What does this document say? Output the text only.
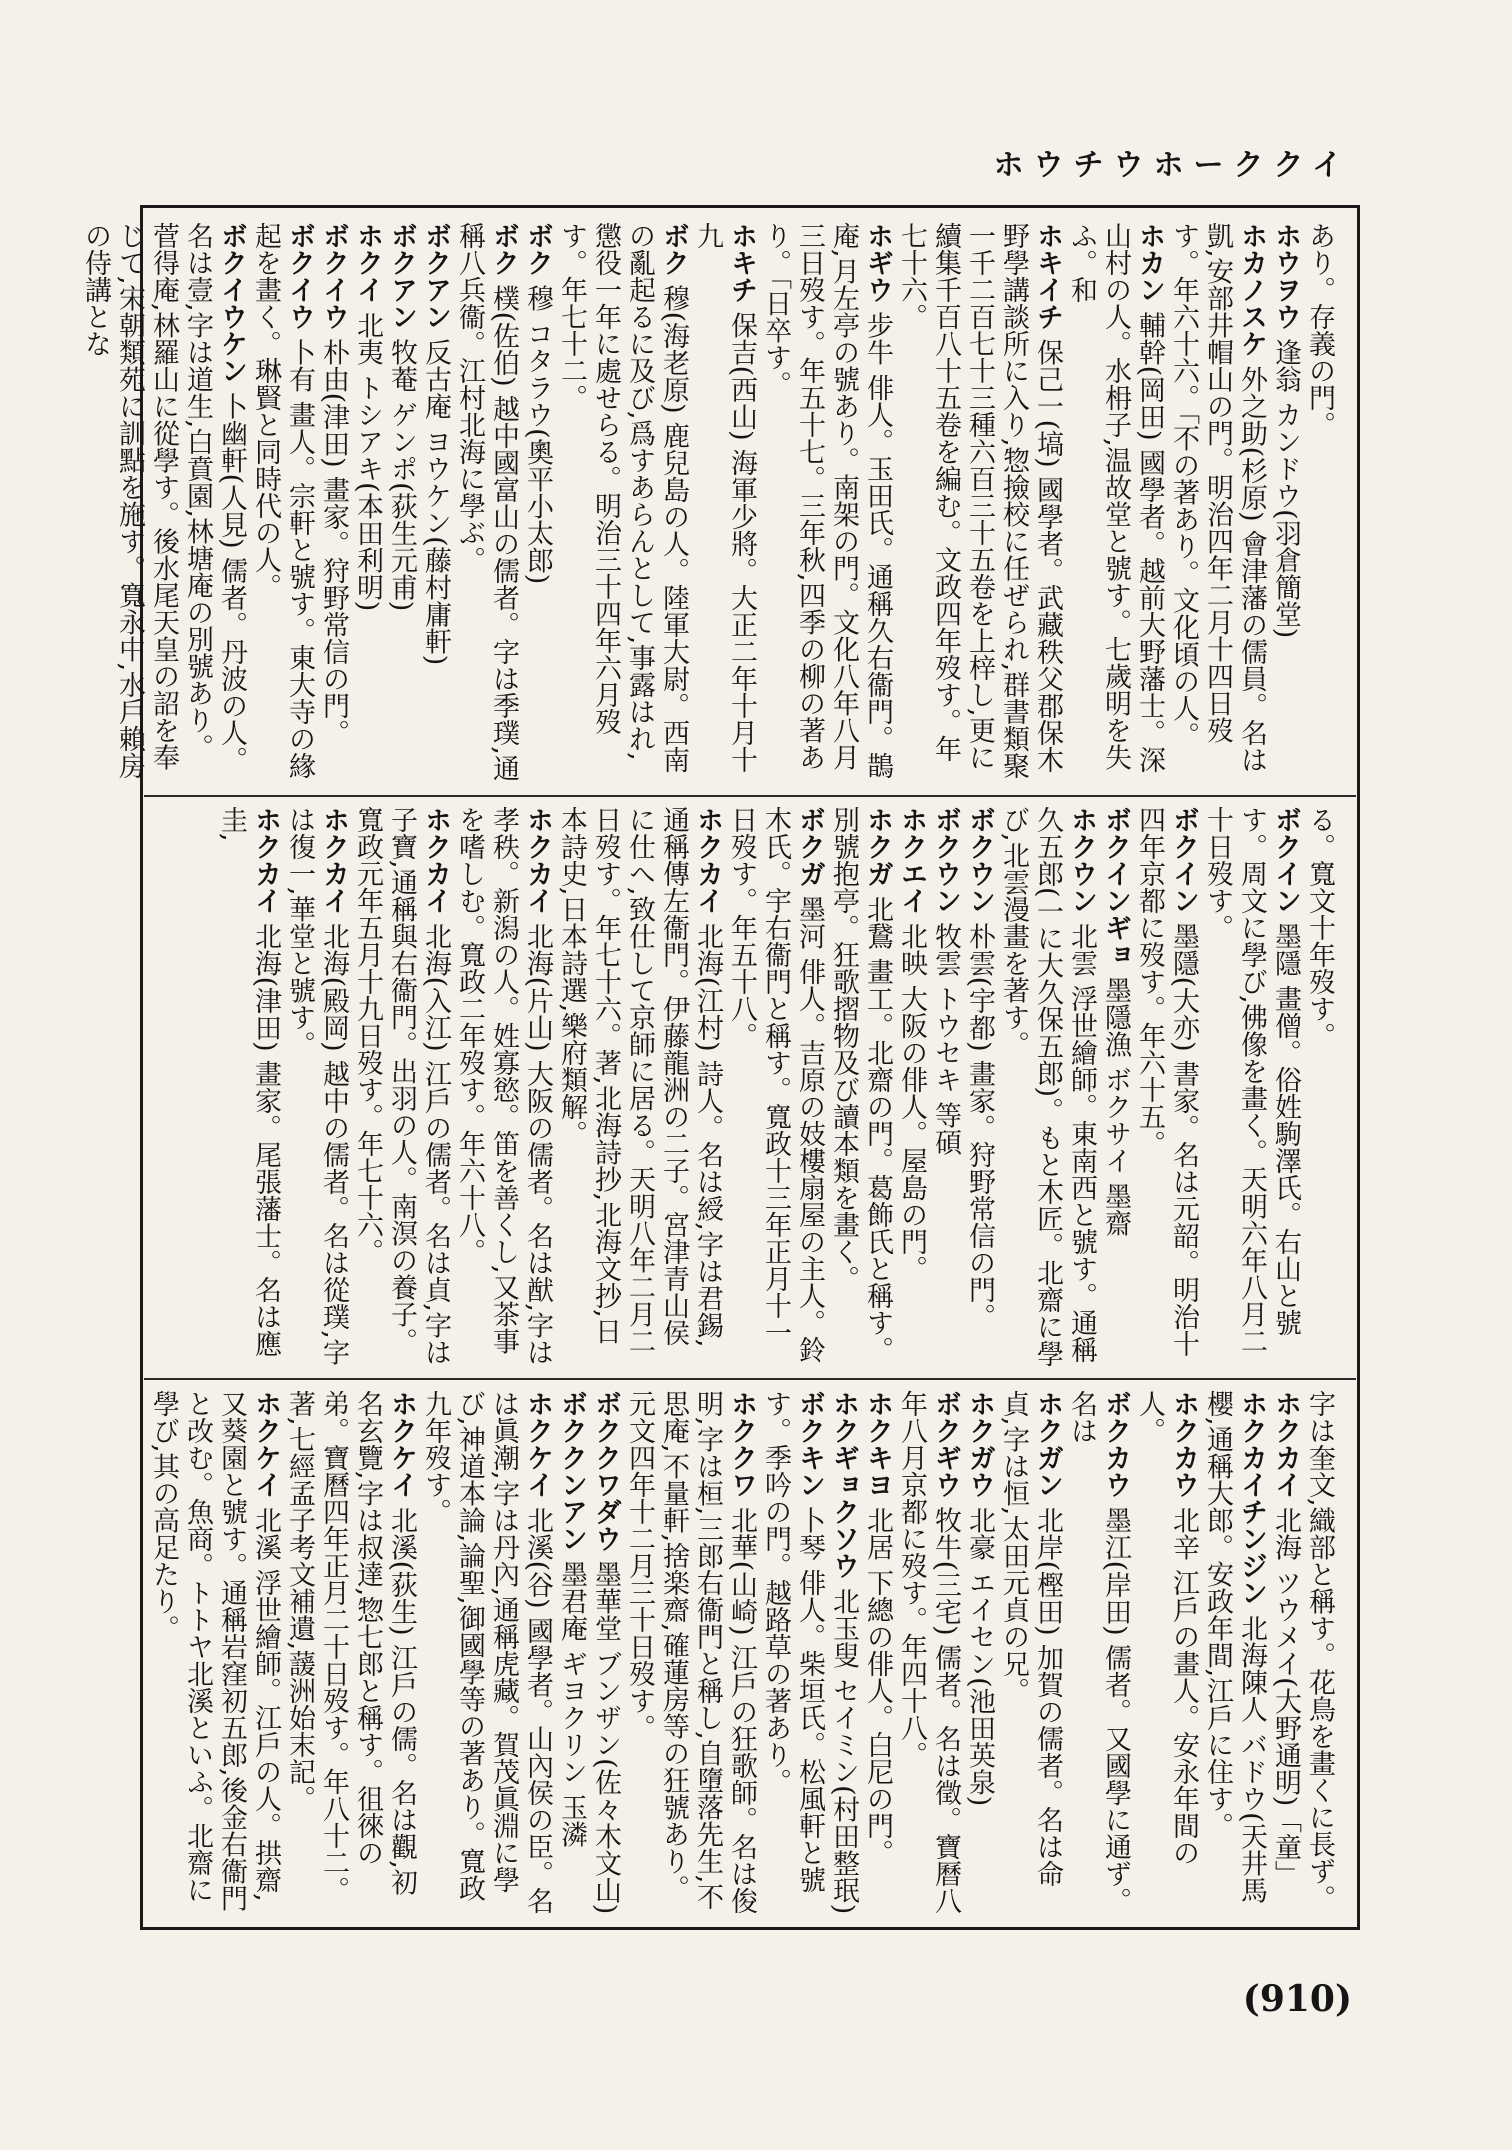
ホウチウホーククイ

あり。存義の門。

ホウヲウ 逢翁 カンドウ(羽倉簡堂)

ホカノスケ 外之助(杉原) 會津藩の儒員。名は凱,安部井帽山の門。明治四年二月十四日歿す。年六十六。「不の著あり。文化頃の人。

ホカン 輔幹(岡田) 國學者。越前大野藩士。深山村の人。水枏子,温故堂と號す。七歲明を失ふ。和

ホキイチ 保己一(塙) 國學者。武藏秩父郡保木野學講談所に入り,惣撿校に任ぜられ,群書類聚一千二百七十三種六百三十五卷を上梓し,更に續集千百八十五卷を編む。文政四年歿す。年七十六。

ホギウ 步牛 俳人。玉田氏。通稱久右衞門。鵲庵,月左亭の號あり。南架の門。文化八年八月三日歿す。年五十七。三年秋,四季の柳の著あり。「日卒す。

ホキチ 保吉(西山) 海軍少將。大正二年十月十九

ボク 穆(海老原) 鹿兒島の人。陸軍大尉。西南の亂起るに及び,爲すあらんとして,事露はれ,懲役一年に處せらる。明治三十四年六月歿す。年七十二。

ボク 穆 コタラウ(奧平小太郎)

ボク 樸(佐伯) 越中國富山の儒者。字は季璞,通稱八兵衞。江村北海に學ぶ。

ボクアン 反古庵 ヨウケン(藤村庸軒)

ボクアン 牧菴 ゲンポ(荻生元甫)

ホクイ 北夷 トシアキ(本田利明)

ボクイウ 朴由(津田) 畫家。狩野常信の門。

ボクイウ 卜有 畫人。宗軒と號す。東大寺の緣起を畫く。琳賢と同時代の人。

ボクイウケン 卜幽軒(人見) 儒者。丹波の人。名は壹,字は道生,白賁園,林塘庵の別號あり。菅得庵,林羅山に從學す。後水尾天皇の詔を奉じて,宋朝類苑に訓點を施す。寬永中,水戶賴房の侍講とな

る。寬文十年歿す。

ボクイン 墨隱 畫僧。俗姓駒澤氏。右山と號す。周文に學び,佛像を畫く。天明六年八月二十日歿す。

ボクイン 墨隱(大亦) 書家。名は元韶。明治十四年京都に歿す。年六十五。

ボクインギョ 墨隱漁 ボクサイ 墨齋

ホクウン 北雲 浮世繪師。東南西と號す。通稱久五郎(一に大久保五郎)。もと木匠。北齋に學び,北雲漫畫を著す。

ボクウン 朴雲(宇都) 畫家。狩野常信の門。

ボクウン 牧雲 トウセキ 等碩

ホクエイ 北映 大阪の俳人。屋島の門。

ホクガ 北鵞 畫工。北齋の門。葛飾氏と稱す。別號抱亭。狂歌摺物及び讀本類を畫く。

ボクガ 墨河 俳人。吉原の妓樓扇屋の主人。鈴木氏。宇右衞門と稱す。寬政十三年正月十一日歿す。年五十八。

ホクカイ 北海(江村) 詩人。名は綬,字は君錫,通稱傳左衞門。伊藤龍洲の二子。宮津青山侯に仕へ,致仕して京師に居る。天明八年二月二日歿す。年七十六。著,北海詩抄,北海文抄,日本詩史,日本詩選,樂府類解。

ホクカイ 北海(片山) 大阪の儒者。名は猷,字は孝秩。新潟の人。姓寡慾。笛を善くし,又茶事を嗜しむ。寬政二年歿す。年六十八。

ホクカイ 北海(入江) 江戶の儒者。名は貞,字は子寶,通稱與右衞門。出羽の人。南溟の養子。寬政元年五月十九日歿す。年七十六。

ホクカイ 北海(殿岡) 越中の儒者。名は從璞,字は復一,華堂と號す。

ホクカイ 北海(津田) 畫家。尾張藩士。名は應圭,

字は奎文,織部と稱す。花鳥を畫くに長ず。

ホクカイ 北海 ツウメイ(大野通明)「童」

ホクカイチンジン 北海陳人 バドウ(天井馬櫻,通稱大郎。安政年間,江戶に住す。

ホクカウ 北辛 江戶の畫人。安永年間の人。

ボクカウ 墨江(岸田) 儒者。又國學に通ず。名は

ホクガン 北岸(樫田) 加賀の儒者。名は命貞,字は恒,太田元貞の兄。

ホクガウ 北豪 エイセン(池田英泉)

ボクギウ 牧牛(三宅) 儒者。名は徵。寶曆八年八月京都に歿す。年四十八。

ホクキヨ 北居 下總の俳人。白尼の門。

ホクギョクソウ 北玉叟 セイミン(村田整珉)

ボクキン 卜琴 俳人。柴垣氏。松風軒と號す。季吟の門。越路草の著あり。

ホククワ 北華(山崎) 江戶の狂歌師。名は俊明,字は桓,三郎右衞門と稱し,自墮落先生,不思庵,不量軒,捨楽齋,確蓮房等の狂號あり。元文四年十二月三十日歿す。

ボククワダウ 墨華堂 ブンザン(佐々木文山)

ボククンアン 墨君庵 ギヨクリン 玉潾

ホクケイ 北溪(谷) 國學者。山內侯の臣。名は眞潮,字は丹內,通稱虎藏。賀茂眞淵に學び,神道本論,論聖,御國學等の著あり。寬政九年歿す。

ホクケイ 北溪(荻生) 江戶の儒。名は觀,初名玄覽,字は叔達,惣七郎と稱す。徂徠の弟。寶曆四年正月二十日歿す。年八十二。著,七經孟子考文補遺,蘐洲始末記。

ホクケイ 北溪 浮世繪師。江戶の人。拱齋,又葵園と號す。通稱岩窪初五郎,後金右衞門と改む。魚商。トトヤ北溪といふ。北齋に學び,其の高足たり。

(910)
